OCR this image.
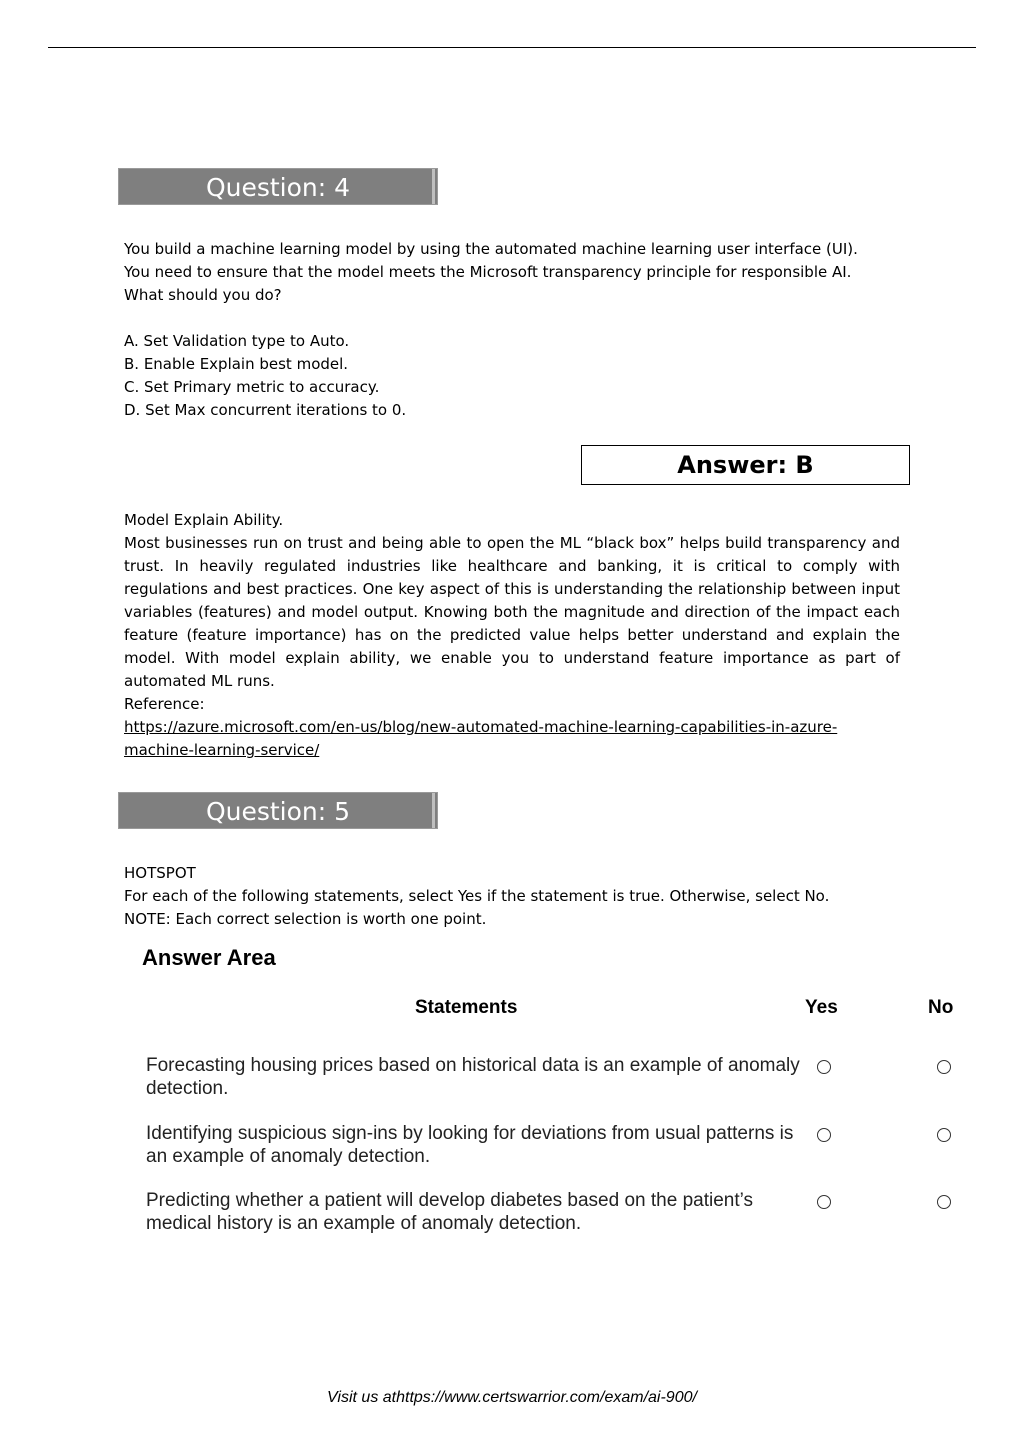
Question: 4
You build a machine learning model by using the automated machine learning user interface (UI).
You need to ensure that the model meets the Microsoft transparency principle for responsible AI.
What should you do?
A. Set Validation type to Auto.
B. Enable Explain best model.
C. Set Primary metric to accuracy.
D. Set Max concurrent iterations to 0.
Answer: B
Model Explain Ability.
Most businesses run on trust and being able to open the ML “black box” helps build transparency and trust. In heavily regulated industries like healthcare and banking, it is critical to comply with regulations and best practices. One key aspect of this is understanding the relationship between input variables (features) and model output. Knowing both the magnitude and direction of the impact each feature (feature importance) has on the predicted value helps better understand and explain the model. With model explain ability, we enable you to understand feature importance as part of automated ML runs.
Reference:
https://azure.microsoft.com/en-us/blog/new-automated-machine-learning-capabilities-in-azure-
machine-learning-service/
Question: 5
HOTSPOT
For each of the following statements, select Yes if the statement is true. Otherwise, select No.
NOTE: Each correct selection is worth one point.
Answer Area
Statements	Yes	No
Forecasting housing prices based on historical data is an example of anomaly detection.
Identifying suspicious sign-ins by looking for deviations from usual patterns is an example of anomaly detection.
Predicting whether a patient will develop diabetes based on the patient’s medical history is an example of anomaly detection.
Visit us athttps://www.certswarrior.com/exam/ai-900/
